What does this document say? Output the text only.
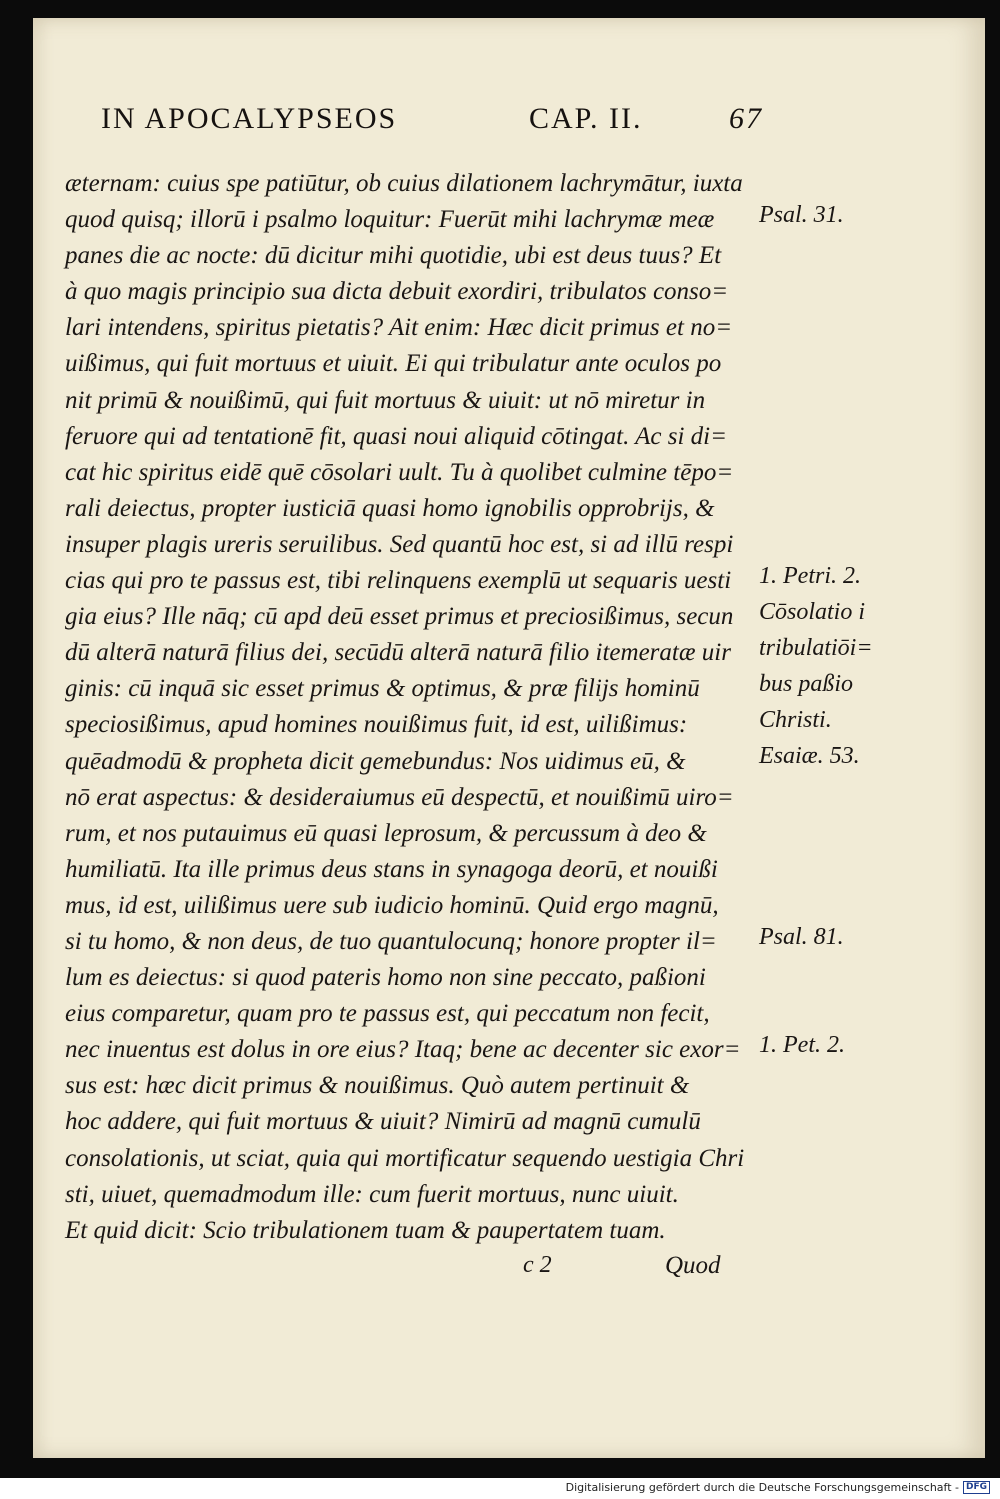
IN APOCALYPSEOS	CAP. II.	67
æternam: cuius spe patiūtur, ob cuius dilationem lachrymātur, iuxta
quod quisq; illorū i psalmo loquitur: Fuerūt mihi lachrymæ meæ
panes die ac nocte: dū dicitur mihi quotidie, ubi est deus tuus? Et
à quo magis principio sua dicta debuit exordiri, tribulatos conso=
lari intendens, spiritus pietatis? Ait enim: Hæc dicit primus et no=
uißimus, qui fuit mortuus et uiuit. Ei qui tribulatur ante oculos po
nit primū & nouißimū, qui fuit mortuus & uiuit: ut nō miretur in
feruore qui ad tentationē fit, quasi noui aliquid cōtingat. Ac si di=
cat hic spiritus eidē quē cōsolari uult. Tu à quolibet culmine tēpo=
rali deiectus, propter iusticiā quasi homo ignobilis opprobrijs, &
insuper plagis ureris seruilibus. Sed quantū hoc est, si ad illū respi
cias qui pro te passus est, tibi relinquens exemplū ut sequaris uesti
gia eius? Ille nāq; cū apd deū esset primus et preciosißimus, secun
dū alterā naturā filius dei, secūdū alterā naturā filio itemeratæ uir
ginis: cū inquā sic esset primus & optimus, & præ filijs hominū
speciosißimus, apud homines nouißimus fuit, id est, uilißimus:
quēadmodū & propheta dicit gemebundus: Nos uidimus eū, &
nō erat aspectus: & desideraiumus eū despectū, et nouißimū uiro=
rum, et nos putauimus eū quasi leprosum, & percussum à deo &
humiliatū. Ita ille primus deus stans in synagoga deorū, et nouißi
mus, id est, uilißimus uere sub iudicio hominū. Quid ergo magnū,
si tu homo, & non deus, de tuo quantulocunq; honore propter il=
lum es deiectus: si quod pateris homo non sine peccato, paßioni
eius comparetur, quam pro te passus est, qui peccatum non fecit,
nec inuentus est dolus in ore eius? Itaq; bene ac decenter sic exor=
sus est: hæc dicit primus & nouißimus. Quò autem pertinuit &
hoc addere, qui fuit mortuus & uiuit? Nimirū ad magnū cumulū
consolationis, ut sciat, quia qui mortificatur sequendo uestigia Chri
sti, uiuet, quemadmodum ille: cum fuerit mortuus, nunc uiuit.
Et quid dicit: Scio tribulationem tuam & paupertatem tuam.
Psal. 31.
1. Petri. 2.
Cōsolatio i
tribulatiōi=
bus paßio
Christi.
Esaiæ. 53.
Psal. 81.
1. Pet. 2.
c 2	Quod
Digitalisierung gefördert durch die Deutsche Forschungsgemeinschaft - DFG
